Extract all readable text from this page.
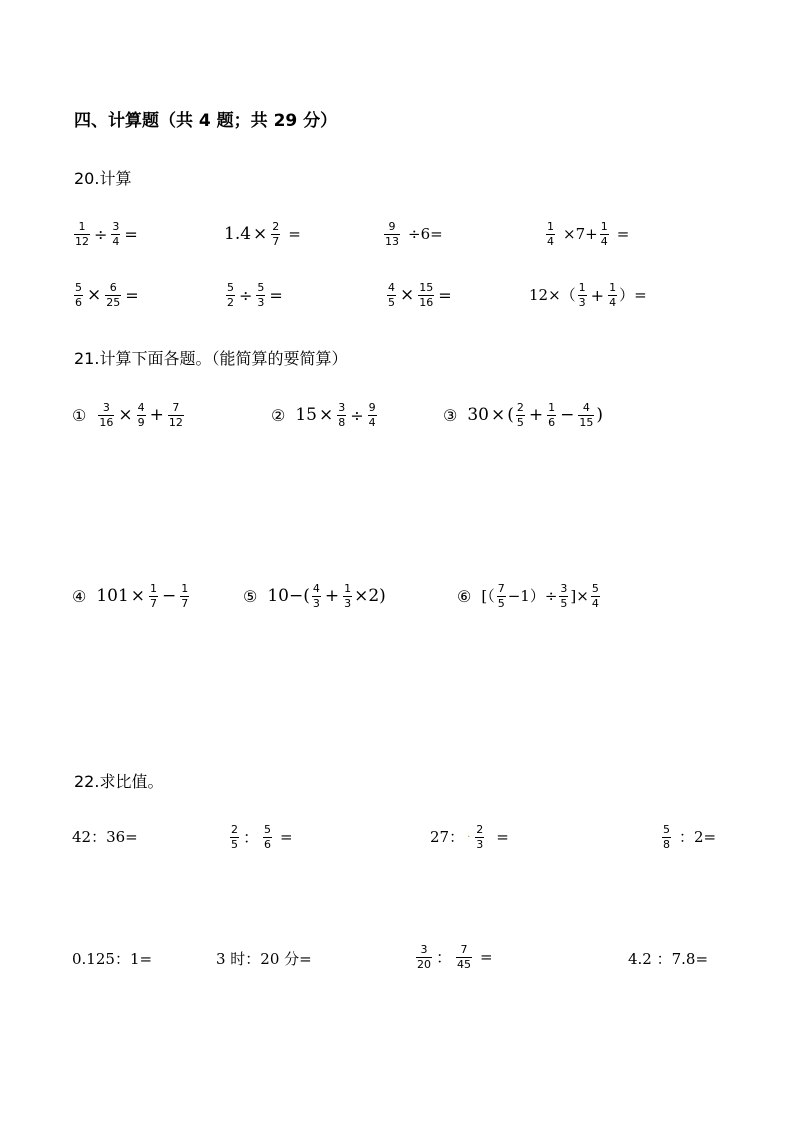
四、计算题（共 4 题；共 29 分）
20.计算
$\frac{1}{12} \div \frac{3}{4}$ =	$1.4 \times \frac{2}{7}$ =	$\frac{9}{13} \div 6=$	$\frac{1}{4} \times 7+ \frac{1}{4}$ =
$\frac{5}{6} \times \frac{6}{25}$ =	$\frac{5}{2} \div \frac{5}{3}$ =	$\frac{4}{5} \times \frac{15}{16}$ =	$12\times( \frac{1}{3} + \frac{1}{4}$ ）=
21.计算下面各题。（能简算的要简算）
① $\frac{3}{16} \times \frac{4}{9} + \frac{7}{12}$	② $15 \times \frac{3}{8} \div \frac{9}{4}$	③ 30 × ( $\frac{2}{5} + \frac{1}{6} - \frac{4}{15}$ )
④ $101 \times \frac{1}{7} - \frac{1}{7}$	⑤ $10-( \frac{4}{3} + \frac{1}{3} \times 2)$	⑥ [（ $\frac{7}{5} -1)\div \frac{3}{5}$ ]× $\frac{5}{4}$
22.求比值。
42：36=	$\frac{2}{5}$ ： $\frac{5}{6}$ =	27： · $\frac{2}{3}$ =	$\frac{5}{8}$ ：2=
0.125：1=	3 时：20 分=	$\frac{3}{20}$ ： $\frac{7}{45}$ =	4.2 ：7.8=
